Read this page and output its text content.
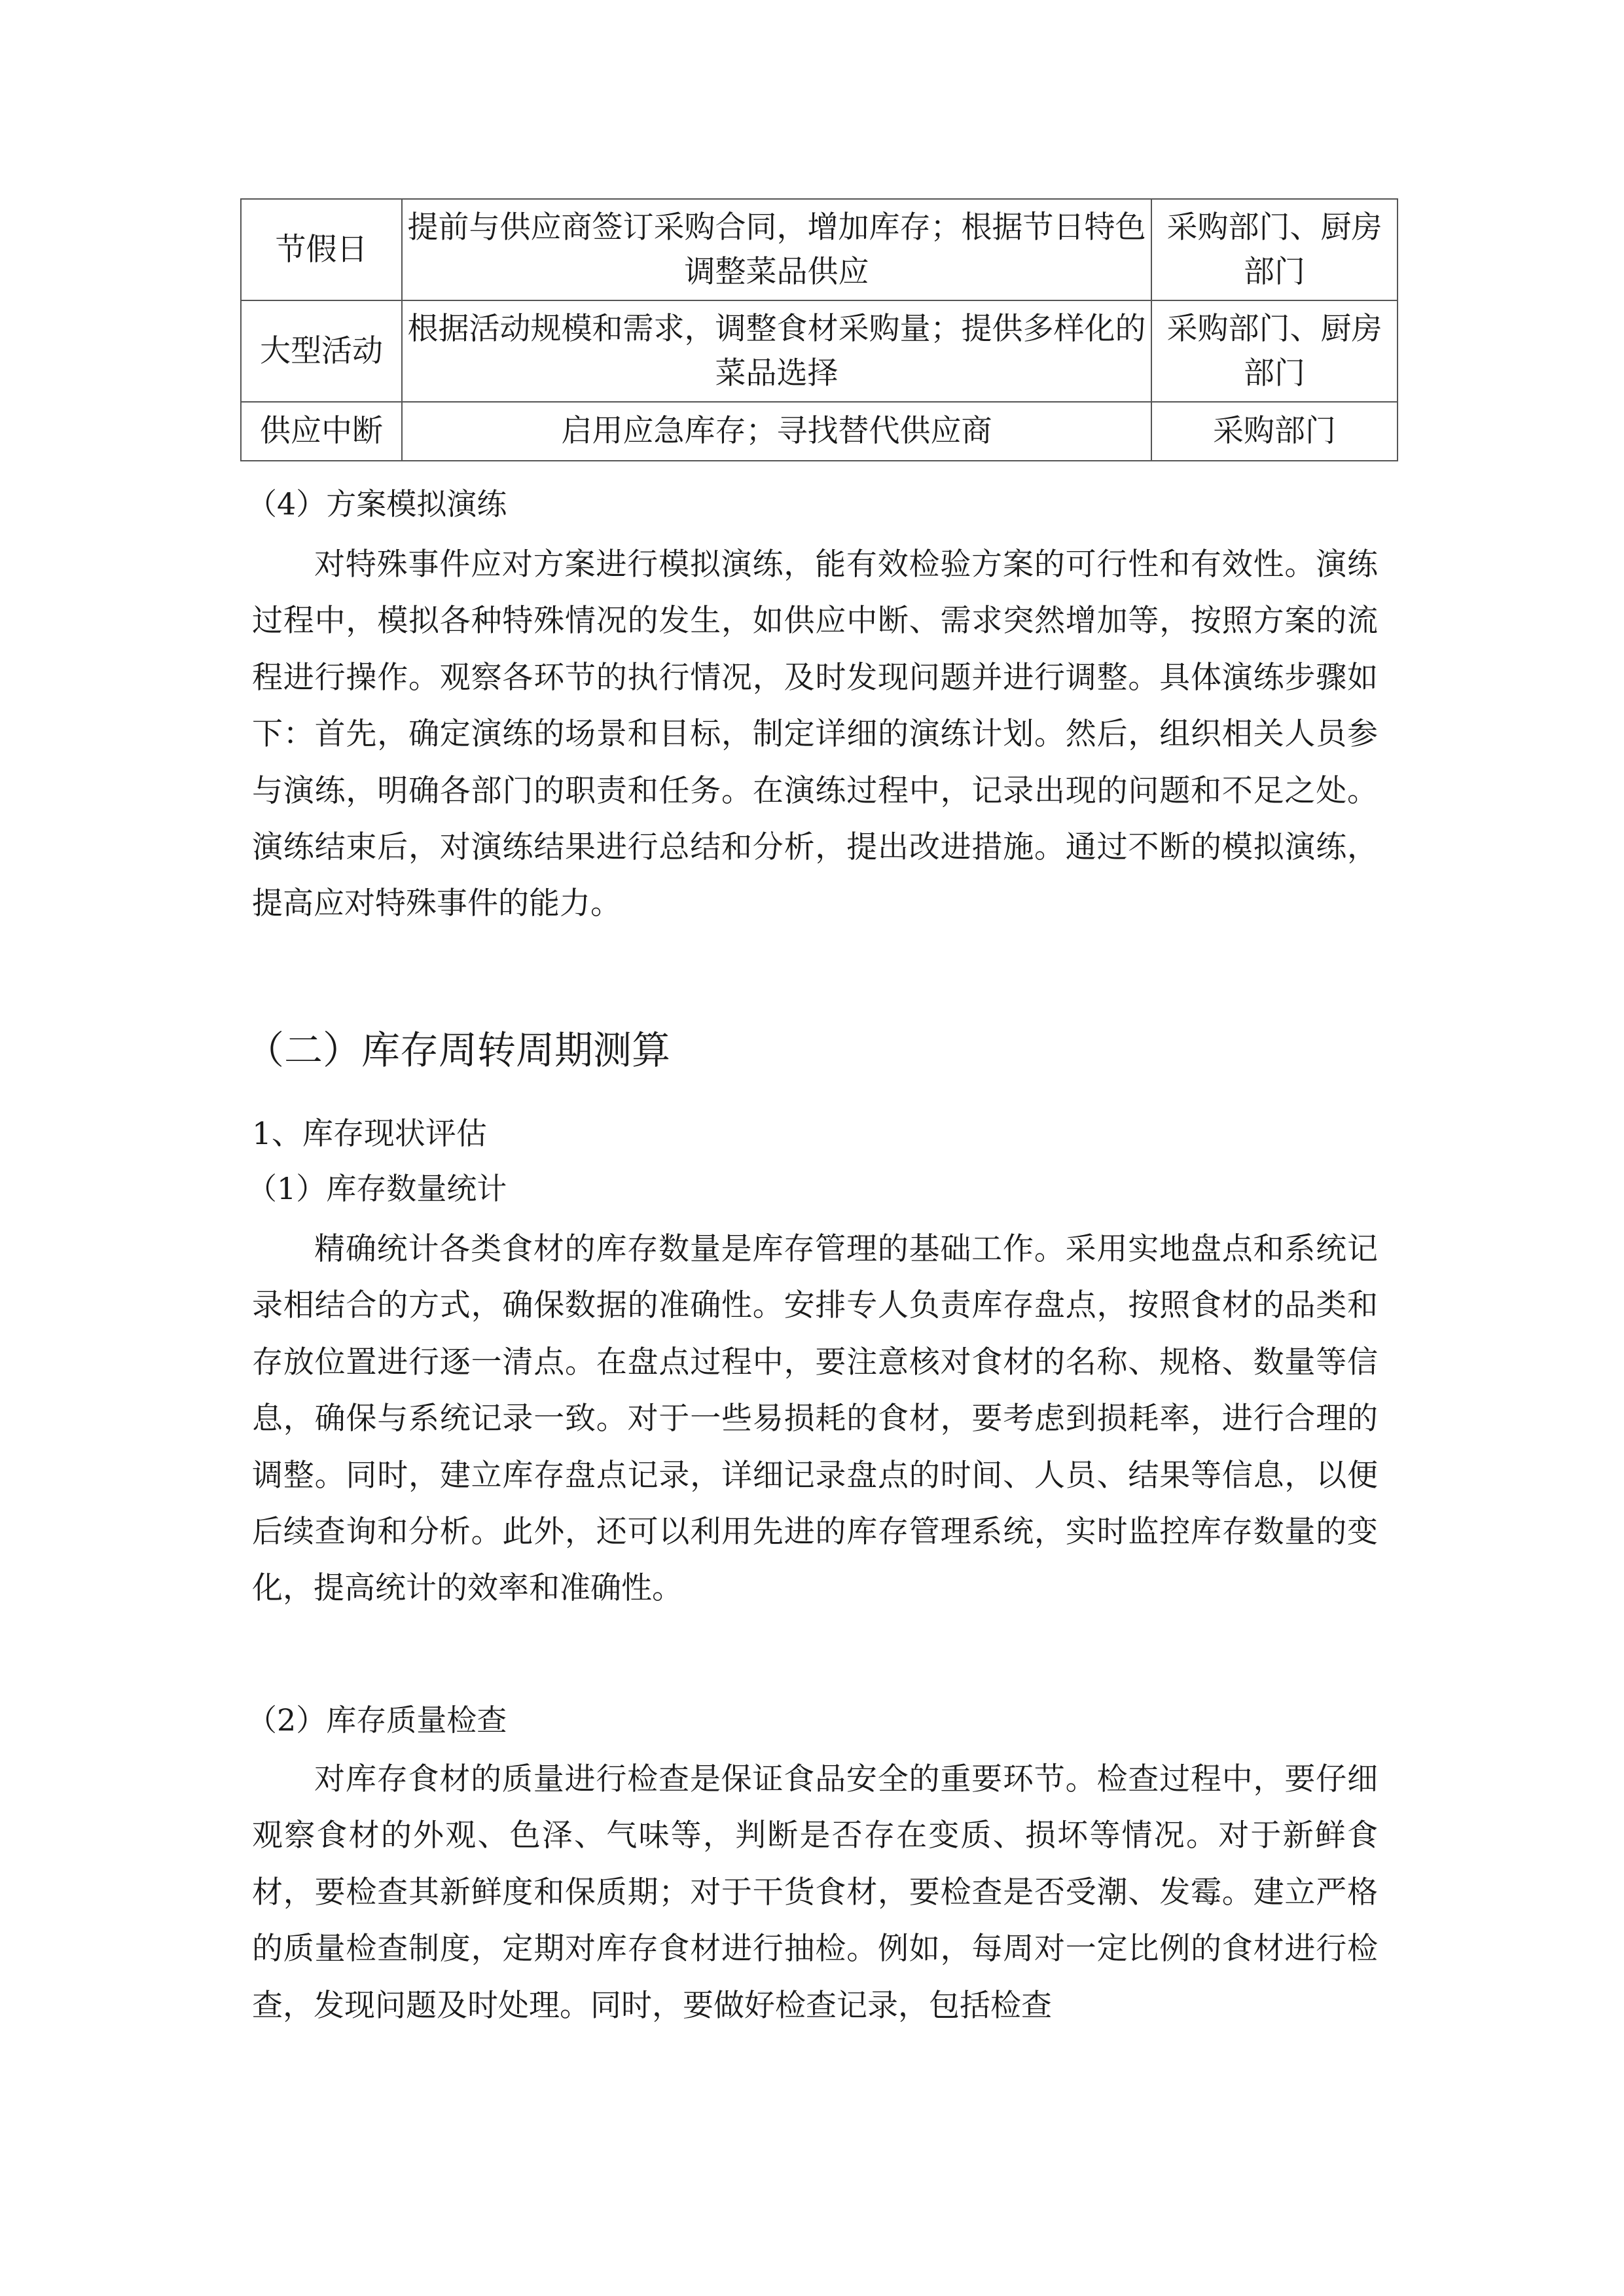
节假日	提前与供应商签订采购合同，增加库存；根据节日特色调整菜品供应	采购部门、厨房部门
大型活动	根据活动规模和需求，调整食材采购量；提供多样化的菜品选择	采购部门、厨房部门
供应中断	启用应急库存；寻找替代供应商	采购部门

（4）方案模拟演练

对特殊事件应对方案进行模拟演练，能有效检验方案的可行性和有效性。演练过程中，模拟各种特殊情况的发生，如供应中断、需求突然增加等，按照方案的流程进行操作。观察各环节的执行情况，及时发现问题并进行调整。具体演练步骤如下：首先，确定演练的场景和目标，制定详细的演练计划。然后，组织相关人员参与演练，明确各部门的职责和任务。在演练过程中，记录出现的问题和不足之处。演练结束后，对演练结果进行总结和分析，提出改进措施。通过不断的模拟演练，提高应对特殊事件的能力。

（二）库存周转周期测算

1、库存现状评估

（1）库存数量统计

精确统计各类食材的库存数量是库存管理的基础工作。采用实地盘点和系统记录相结合的方式，确保数据的准确性。安排专人负责库存盘点，按照食材的品类和存放位置进行逐一清点。在盘点过程中，要注意核对食材的名称、规格、数量等信息，确保与系统记录一致。对于一些易损耗的食材，要考虑到损耗率，进行合理的调整。同时，建立库存盘点记录，详细记录盘点的时间、人员、结果等信息，以便后续查询和分析。此外，还可以利用先进的库存管理系统，实时监控库存数量的变化，提高统计的效率和准确性。

（2）库存质量检查

对库存食材的质量进行检查是保证食品安全的重要环节。检查过程中，要仔细观察食材的外观、色泽、气味等，判断是否存在变质、损坏等情况。对于新鲜食材，要检查其新鲜度和保质期；对于干货食材，要检查是否受潮、发霉。建立严格的质量检查制度，定期对库存食材进行抽检。例如，每周对一定比例的食材进行检查，发现问题及时处理。同时，要做好检查记录，包括检查
